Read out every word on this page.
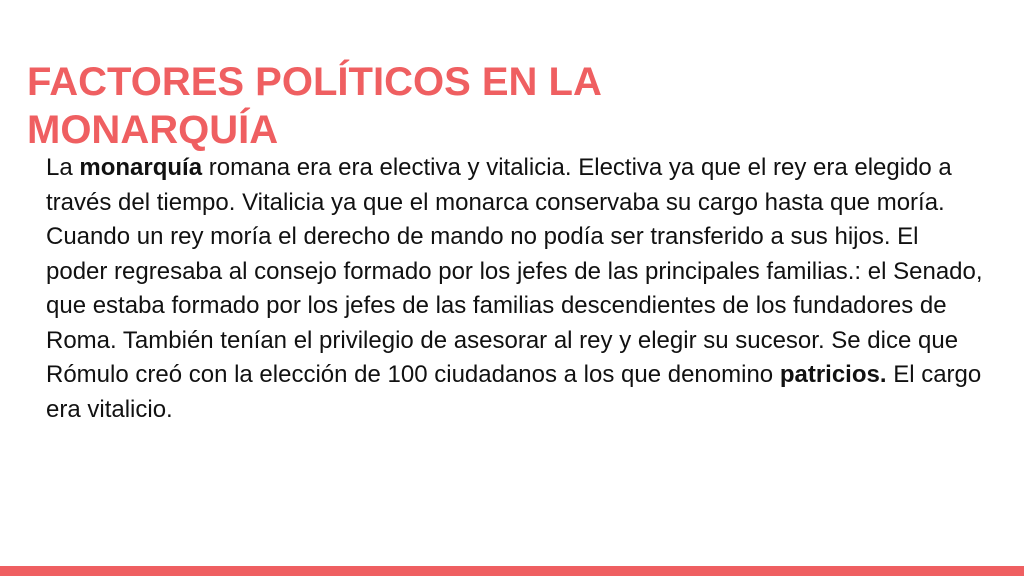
FACTORES POLÍTICOS EN LA MONARQUÍA

La monarquía romana era era electiva y vitalicia. Electiva ya que el rey era elegido a través del tiempo. Vitalicia ya que el monarca conservaba su cargo hasta que moría.

Cuando un rey moría el derecho de mando no podía ser transferido a sus hijos. El poder regresaba al consejo formado por los jefes de las principales familias.: el Senado, que estaba formado por los jefes de las familias descendientes de los fundadores de Roma. También tenían el privilegio de asesorar al rey y elegir su sucesor. Se dice que Rómulo creó con la elección de 100 ciudadanos a los que denomino patricios. El cargo era vitalicio.
